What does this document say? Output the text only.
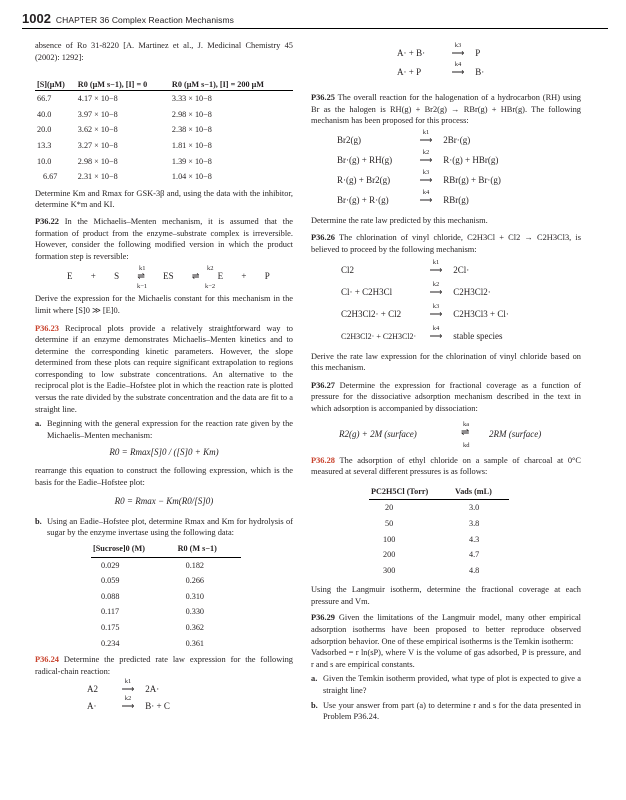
1002 CHAPTER 36 Complex Reaction Mechanisms

absence of Ro 31-8220 [A. Martinez et al., J. Medicinal Chemistry 45 (2002): 1292]:

[S](μM)	R0 (μM s−1), [I] = 0	R0 (μM s−1), [I] = 200 μM
66.7	4.17 × 10−8	3.33 × 10−8
40.0	3.97 × 10−8	2.98 × 10−8
20.0	3.62 × 10−8	2.38 × 10−8
13.3	3.27 × 10−8	1.81 × 10−8
10.0	2.98 × 10−8	1.39 × 10−8
6.67	2.31 × 10−8	1.04 × 10−8

Determine Km and Rmax for GSK-3β and, using the data with the inhibitor, determine K*m and KI.

P36.22 In the Michaelis–Menten mechanism, it is assumed that the formation of product from the enzyme–substrate complex is irreversible. However, consider the following modified version in which the product formation step is reversible:

E + S ⇌ ES ⇌ E + P
k1
k−1
k2
k−2

Derive the expression for the Michaelis constant for this mechanism in the limit where [S]0 ≫ [E]0.

P36.23 Reciprocal plots provide a relatively straightforward way to determine if an enzyme demonstrates Michaelis–Menten kinetics and to determine the corresponding kinetic parameters. However, the slope determined from these plots can require significant extrapolation to regions corresponding to low substrate concentrations. An alternative to the reciprocal plot is the Eadie–Hofstee plot in which the reaction rate is plotted versus the rate divided by the substrate concentration and the data are fit to a straight line.

a. Beginning with the general expression for the reaction rate given by the Michaelis–Menten mechanism:
R0 = Rmax[S]0 / ([S]0 + Km)

rearrange this equation to construct the following expression, which is the basis for the Eadie–Hofstee plot:

R0 = Rmax − Km(R0/[S]0)
b. Using an Eadie–Hofstee plot, determine Rmax and Km for hydrolysis of sugar by the enzyme invertase using the following data:
[Sucrose]0 (M)	R0 (M s−1)
0.029	0.182
0.059	0.266
0.088	0.310
0.117	0.330
0.175	0.362
0.234	0.361

P36.24 Determine the predicted rate law expression for the following radical-chain reaction:

A2
k1
⟶ 2A·
A·
k2
⟶ B· + C
A· + B·
k3
⟶ P
A· + P
k4
⟶ B·

P36.25 The overall reaction for the halogenation of a hydrocarbon (RH) using Br as the halogen is RH(g) + Br2(g) → RBr(g) + HBr(g). The following mechanism has been proposed for this process:

Br2(g)
k1
⟶ 2Br·(g)
Br·(g) + RH(g)
k2
⟶ R·(g) + HBr(g)
R·(g) + Br2(g)
k3
⟶ RBr(g) + Br·(g)
Br·(g) + R·(g)
k4
⟶ RBr(g)

Determine the rate law predicted by this mechanism.

P36.26 The chlorination of vinyl chloride, C2H3Cl + Cl2 → C2H3Cl3, is believed to proceed by the following mechanism:

Cl2
k1
⟶ 2Cl·
Cl· + C2H3Cl
k2
⟶ C2H3Cl2·
C2H3Cl2· + Cl2
k3
⟶ C2H3Cl3 + Cl·
C2H3Cl2· + C2H3Cl2·
k4
⟶ stable species

Derive the rate law expression for the chlorination of vinyl chloride based on this mechanism.

P36.27 Determine the expression for fractional coverage as a function of pressure for the dissociative adsorption mechanism described in the text in which adsorption is accompanied by dissociation:

R2(g) + 2M (surface)	⇌
ka
kd
2RM (surface)

P36.28 The adsorption of ethyl chloride on a sample of charcoal at 0°C measured at several different pressures is as follows:

PC2H5Cl (Torr)	Vads (mL)
20	3.0
50	3.8
100	4.3
200	4.7
300	4.8

Using the Langmuir isotherm, determine the fractional coverage at each pressure and Vm.

P36.29 Given the limitations of the Langmuir model, many other empirical adsorption isotherms have been proposed to better reproduce observed adsorption behavior. One of these empirical isotherms is the Temkin isotherm:

Vadsorbed = r ln(sP), where V is the volume of gas adsorbed, P is pressure, and r and s are empirical constants.

a. Given the Temkin isotherm provided, what type of plot is expected to give a straight line?
b. Use your answer from part (a) to determine r and s for the data presented in Problem P36.24.
